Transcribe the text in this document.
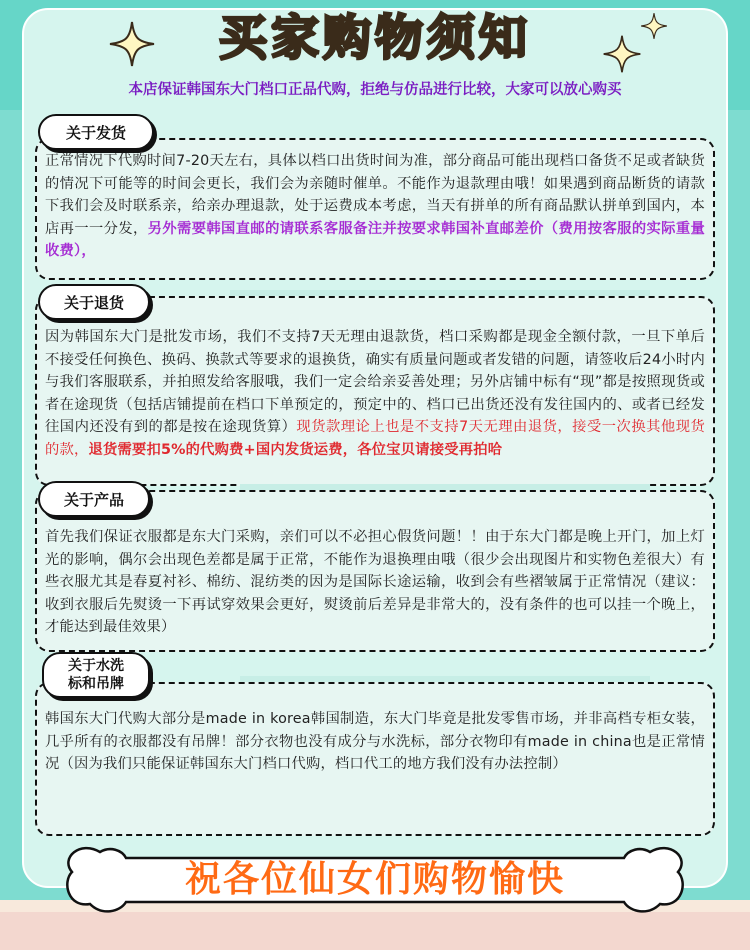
买家购物须知
本店保证韩国东大门档口正品代购，拒绝与仿品进行比较，大家可以放心购买
正常情况下代购时间7-20天左右，具体以档口出货时间为准，部分商品可能出现档口备货不足或者缺货的情况下可能等的时间会更长，我们会为亲随时催单。不能作为退款理由哦！如果遇到商品断货的请款下我们会及时联系亲，给亲办理退款，处于运费成本考虑，当天有拼单的所有商品默认拼单到国内，本店再一一分发，另外需要韩国直邮的请联系客服备注并按要求韩国补直邮差价（费用按客服的实际重量收费），
关于发货
因为韩国东大门是批发市场，我们不支持7天无理由退款货，档口采购都是现金全额付款，一旦下单后不接受任何换色、换码、换款式等要求的退换货，确实有质量问题或者发错的问题，请签收后24小时内与我们客服联系，并拍照发给客服哦，我们一定会给亲妥善处理；另外店铺中标有“现”都是按照现货或者在途现货（包括店铺提前在档口下单预定的，预定中的、档口已出货还没有发往国内的、或者已经发往国内还没有到的都是按在途现货算）现货款理论上也是不支持7天无理由退货，接受一次换其他现货的款，退货需要扣5%的代购费+国内发货运费，各位宝贝请接受再拍哈
关于退货
首先我们保证衣服都是东大门采购，亲们可以不必担心假货问题！！由于东大门都是晚上开门，加上灯光的影响，偶尔会出现色差都是属于正常，不能作为退换理由哦（很少会出现图片和实物色差很大）有些衣服尤其是春夏衬衫、棉纺、混纺类的因为是国际长途运输，收到会有些褶皱属于正常情况（建议：收到衣服后先熨烫一下再试穿效果会更好，熨烫前后差异是非常大的，没有条件的也可以挂一个晚上，才能达到最佳效果）
关于产品
韩国东大门代购大部分是made in korea韩国制造，东大门毕竟是批发零售市场，并非高档专柜女装，几乎所有的衣服都没有吊牌！部分衣物也没有成分与水洗标，部分衣物印有made in china也是正常情况（因为我们只能保证韩国东大门档口代购，档口代工的地方我们没有办法控制）
关于水洗
标和吊牌
祝各位仙女们购物愉快
